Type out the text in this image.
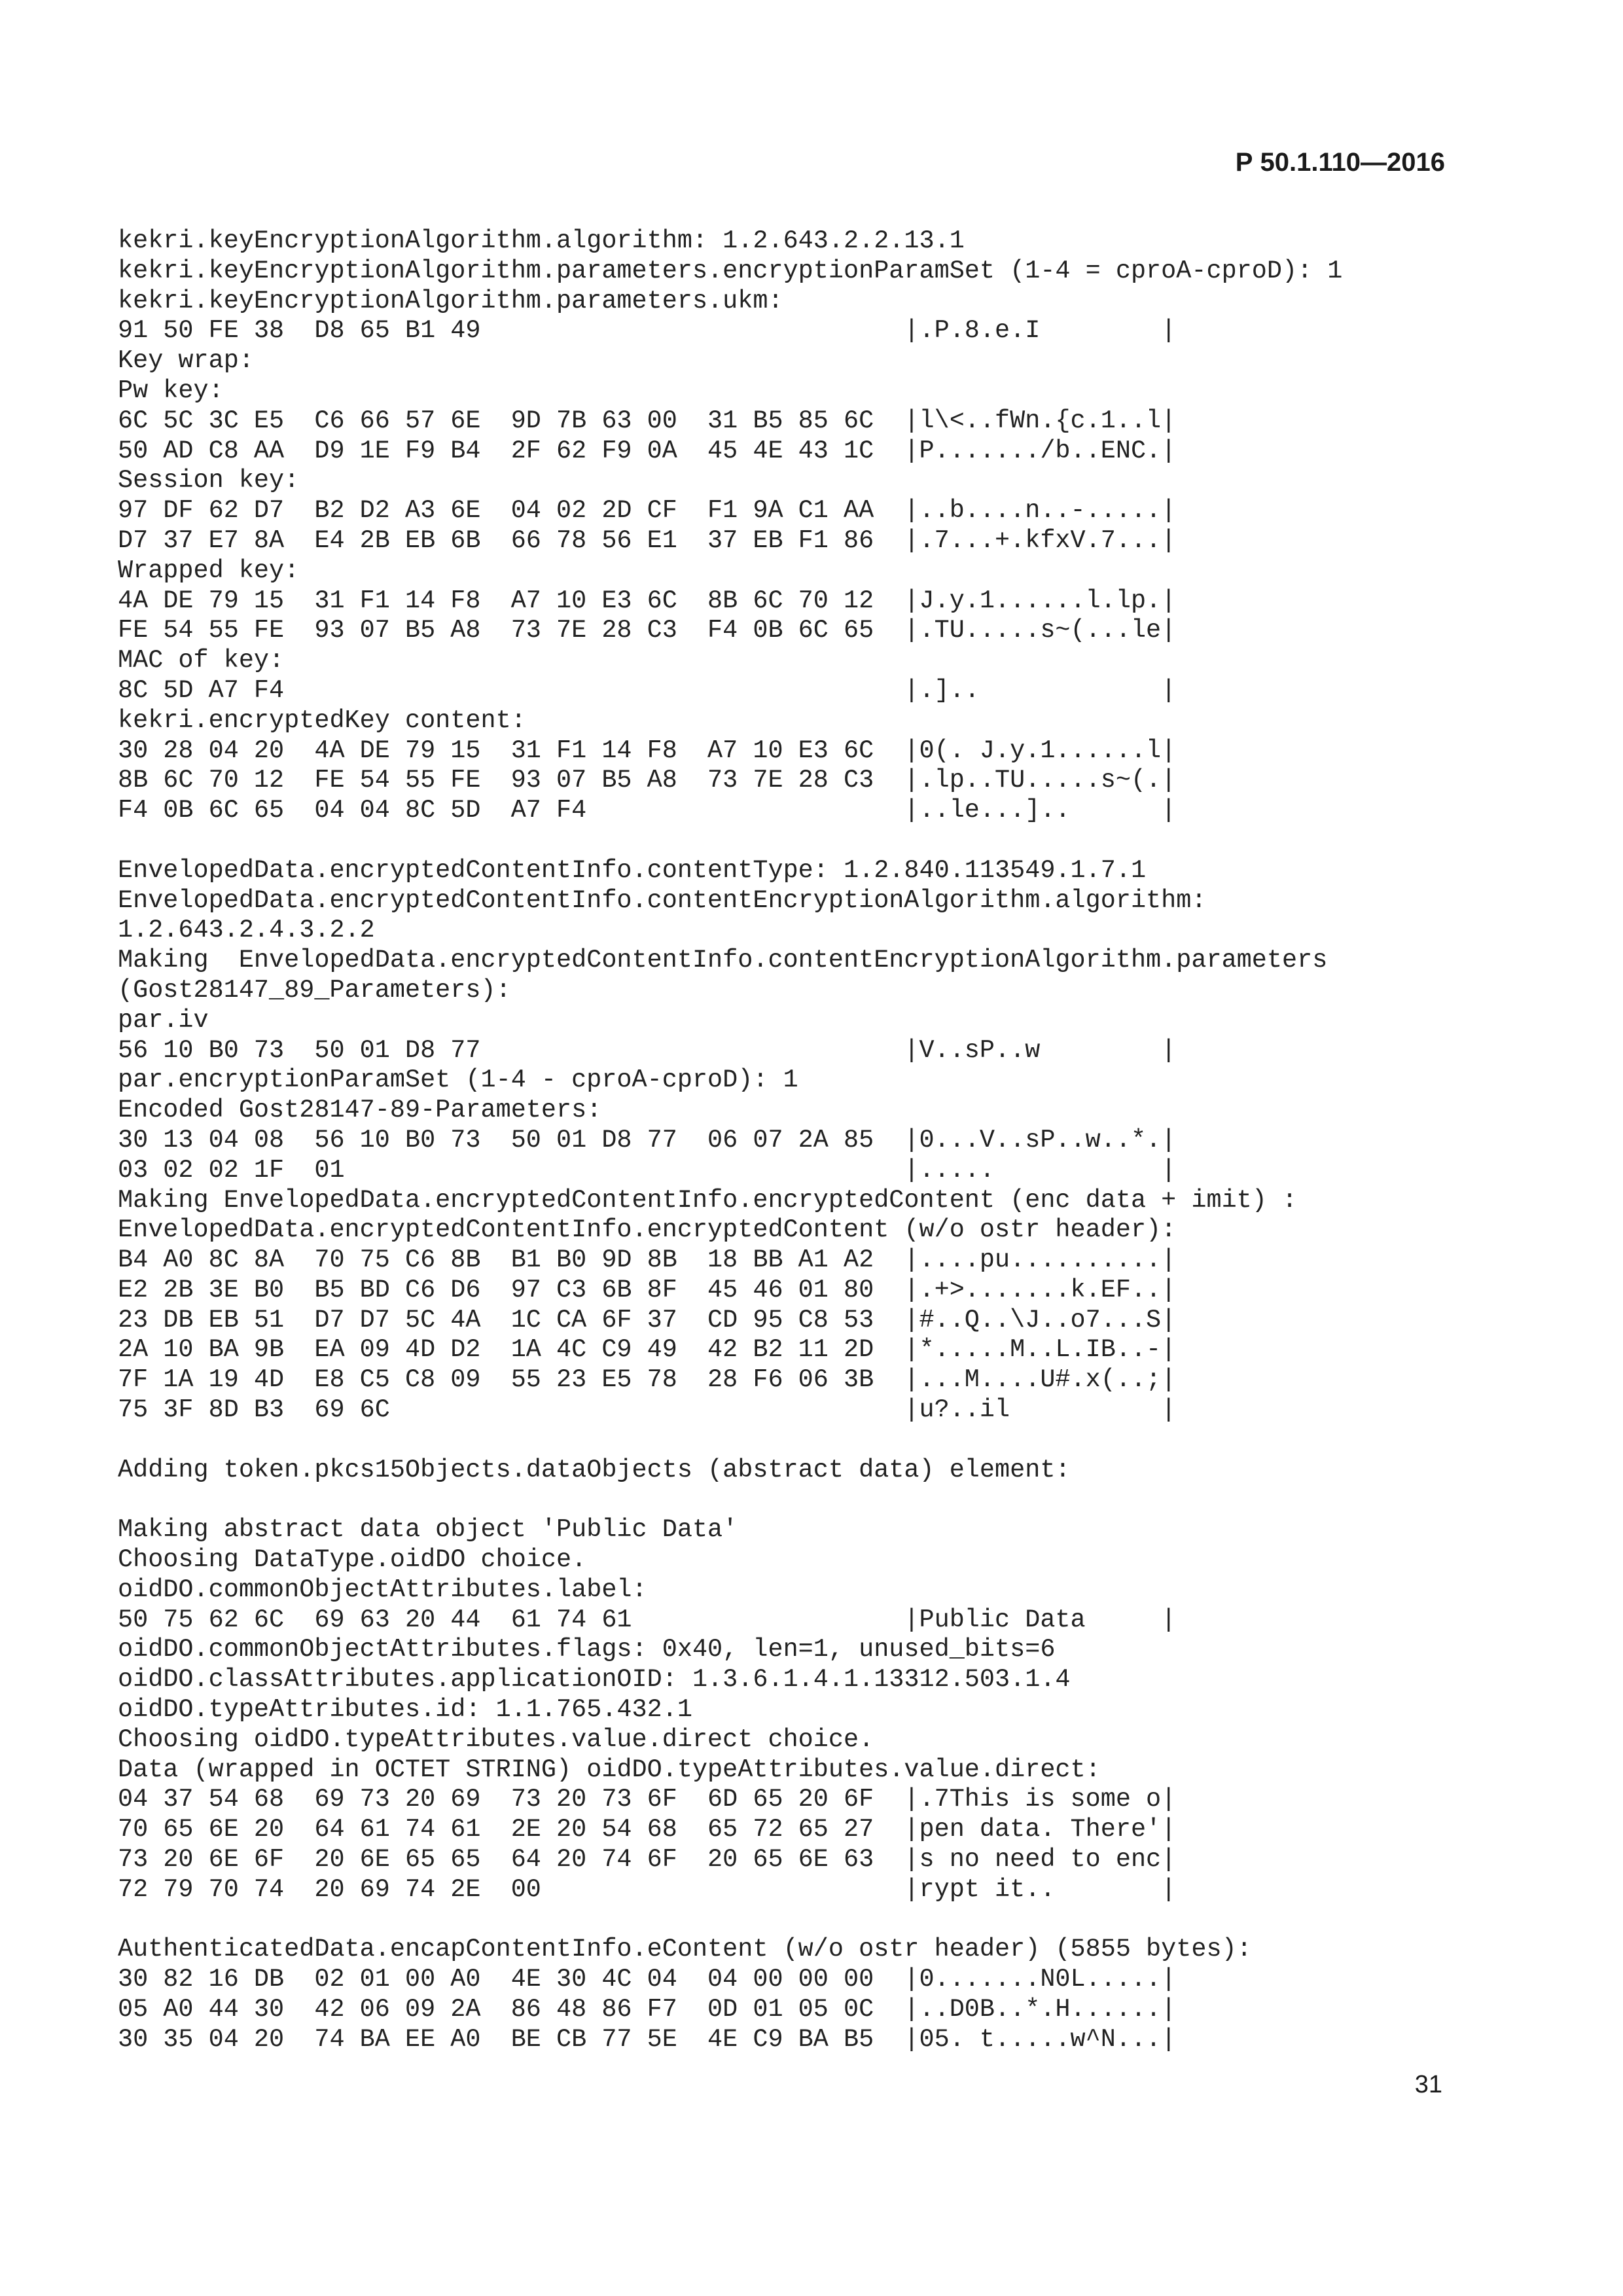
Р 50.1.110—2016
kekri.keyEncryptionAlgorithm.algorithm: 1.2.643.2.2.13.1
kekri.keyEncryptionAlgorithm.parameters.encryptionParamSet (1-4 = cproA-cproD): 1
kekri.keyEncryptionAlgorithm.parameters.ukm:
91 50 FE 38  D8 65 B1 49                            |.P.8.e.I        |
Key wrap:
Pw key:
6C 5C 3C E5  C6 66 57 6E  9D 7B 63 00  31 B5 85 6C  |l\<..fWn.{c.1..l|
50 AD C8 AA  D9 1E F9 B4  2F 62 F9 0A  45 4E 43 1C  |P......./b..ENC.|
Session key:
97 DF 62 D7  B2 D2 A3 6E  04 02 2D CF  F1 9A C1 AA  |..b....n..-.....|
D7 37 E7 8A  E4 2B EB 6B  66 78 56 E1  37 EB F1 86  |.7...+.kfxV.7...|
Wrapped key:
4A DE 79 15  31 F1 14 F8  A7 10 E3 6C  8B 6C 70 12  |J.y.1......l.lp.|
FE 54 55 FE  93 07 B5 A8  73 7E 28 C3  F4 0B 6C 65  |.TU.....s~(...le|
MAC of key:
8C 5D A7 F4                                         |.]..            |
kekri.encryptedKey content:
30 28 04 20  4A DE 79 15  31 F1 14 F8  A7 10 E3 6C  |0(. J.y.1......l|
8B 6C 70 12  FE 54 55 FE  93 07 B5 A8  73 7E 28 C3  |.lp..TU.....s~(.|
F4 0B 6C 65  04 04 8C 5D  A7 F4                     |..le...]..      |

EnvelopedData.encryptedContentInfo.contentType: 1.2.840.113549.1.7.1
EnvelopedData.encryptedContentInfo.contentEncryptionAlgorithm.algorithm:
1.2.643.2.4.3.2.2
Making  EnvelopedData.encryptedContentInfo.contentEncryptionAlgorithm.parameters
(Gost28147_89_Parameters):
par.iv
56 10 B0 73  50 01 D8 77                            |V..sP..w        |
par.encryptionParamSet (1-4 - cproA-cproD): 1
Encoded Gost28147-89-Parameters:
30 13 04 08  56 10 B0 73  50 01 D8 77  06 07 2A 85  |0...V..sP..w..*.|
03 02 02 1F  01                                     |.....           |
Making EnvelopedData.encryptedContentInfo.encryptedContent (enc data + imit) :
EnvelopedData.encryptedContentInfo.encryptedContent (w/o ostr header):
B4 A0 8C 8A  70 75 C6 8B  B1 B0 9D 8B  18 BB A1 A2  |....pu..........|
E2 2B 3E B0  B5 BD C6 D6  97 C3 6B 8F  45 46 01 80  |.+>.......k.EF..|
23 DB EB 51  D7 D7 5C 4A  1C CA 6F 37  CD 95 C8 53  |#..Q..\J..o7...S|
2A 10 BA 9B  EA 09 4D D2  1A 4C C9 49  42 B2 11 2D  |*.....M..L.IB..-|
7F 1A 19 4D  E8 C5 C8 09  55 23 E5 78  28 F6 06 3B  |...M....U#.x(..;|
75 3F 8D B3  69 6C                                  |u?..il          |

Adding token.pkcs15Objects.dataObjects (abstract data) element:

Making abstract data object 'Public Data'
Choosing DataType.oidDO choice.
oidDO.commonObjectAttributes.label:
50 75 62 6C  69 63 20 44  61 74 61                  |Public Data     |
oidDO.commonObjectAttributes.flags: 0x40, len=1, unused_bits=6
oidDO.classAttributes.applicationOID: 1.3.6.1.4.1.13312.503.1.4
oidDO.typeAttributes.id: 1.1.765.432.1
Choosing oidDO.typeAttributes.value.direct choice.
Data (wrapped in OCTET STRING) oidDO.typeAttributes.value.direct:
04 37 54 68  69 73 20 69  73 20 73 6F  6D 65 20 6F  |.7This is some o|
70 65 6E 20  64 61 74 61  2E 20 54 68  65 72 65 27  |pen data. There'|
73 20 6E 6F  20 6E 65 65  64 20 74 6F  20 65 6E 63  |s no need to enc|
72 79 70 74  20 69 74 2E  00                        |rypt it..       |

AuthenticatedData.encapContentInfo.eContent (w/o ostr header) (5855 bytes):
30 82 16 DB  02 01 00 A0  4E 30 4C 04  04 00 00 00  |0.......N0L.....|
05 A0 44 30  42 06 09 2A  86 48 86 F7  0D 01 05 0C  |..D0B..*.H......|
30 35 04 20  74 BA EE A0  BE CB 77 5E  4E C9 BA B5  |05. t.....w^N...|
31
